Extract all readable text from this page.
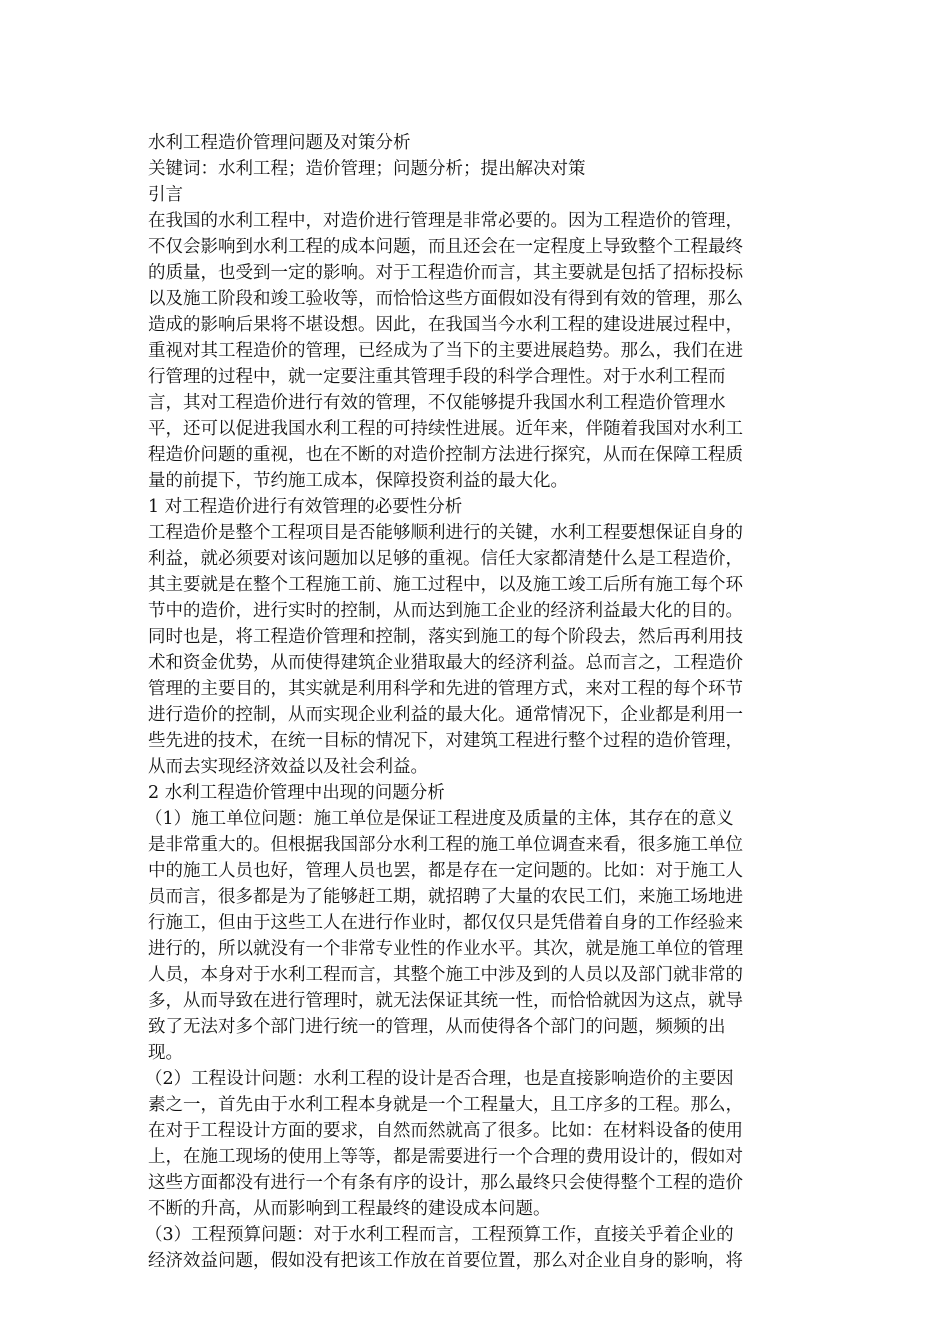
水利工程造价管理问题及对策分析
关键词：水利工程；造价管理；问题分析；提出解决对策
引言
在我国的水利工程中，对造价进行管理是非常必要的。因为工程造价的管理，
不仅会影响到水利工程的成本问题，而且还会在一定程度上导致整个工程最终
的质量，也受到一定的影响。对于工程造价而言，其主要就是包括了招标投标
以及施工阶段和竣工验收等，而恰恰这些方面假如没有得到有效的管理，那么
造成的影响后果将不堪设想。因此，在我国当今水利工程的建设进展过程中，
重视对其工程造价的管理，已经成为了当下的主要进展趋势。那么，我们在进
行管理的过程中，就一定要注重其管理手段的科学合理性。对于水利工程而
言，其对工程造价进行有效的管理，不仅能够提升我国水利工程造价管理水
平，还可以促进我国水利工程的可持续性进展。近年来，伴随着我国对水利工
程造价问题的重视，也在不断的对造价控制方法进行探究，从而在保障工程质
量的前提下，节约施工成本，保障投资利益的最大化。
1 对工程造价进行有效管理的必要性分析
工程造价是整个工程项目是否能够顺利进行的关键，水利工程要想保证自身的
利益，就必须要对该问题加以足够的重视。信任大家都清楚什么是工程造价，
其主要就是在整个工程施工前、施工过程中，以及施工竣工后所有施工每个环
节中的造价，进行实时的控制，从而达到施工企业的经济利益最大化的目的。
同时也是，将工程造价管理和控制，落实到施工的每个阶段去，然后再利用技
术和资金优势，从而使得建筑企业猎取最大的经济利益。总而言之，工程造价
管理的主要目的，其实就是利用科学和先进的管理方式，来对工程的每个环节
进行造价的控制，从而实现企业利益的最大化。通常情况下，企业都是利用一
些先进的技术，在统一目标的情况下，对建筑工程进行整个过程的造价管理，
从而去实现经济效益以及社会利益。
2 水利工程造价管理中出现的问题分析
（1）施工单位问题：施工单位是保证工程进度及质量的主体，其存在的意义
是非常重大的。但根据我国部分水利工程的施工单位调查来看，很多施工单位
中的施工人员也好，管理人员也罢，都是存在一定问题的。比如：对于施工人
员而言，很多都是为了能够赶工期，就招聘了大量的农民工们，来施工场地进
行施工，但由于这些工人在进行作业时，都仅仅只是凭借着自身的工作经验来
进行的，所以就没有一个非常专业性的作业水平。其次，就是施工单位的管理
人员，本身对于水利工程而言，其整个施工中涉及到的人员以及部门就非常的
多，从而导致在进行管理时，就无法保证其统一性，而恰恰就因为这点，就导
致了无法对多个部门进行统一的管理，从而使得各个部门的问题，频频的出
现。
（2）工程设计问题：水利工程的设计是否合理，也是直接影响造价的主要因
素之一，首先由于水利工程本身就是一个工程量大，且工序多的工程。那么，
在对于工程设计方面的要求，自然而然就高了很多。比如：在材料设备的使用
上，在施工现场的使用上等等，都是需要进行一个合理的费用设计的，假如对
这些方面都没有进行一个有条有序的设计，那么最终只会使得整个工程的造价
不断的升高，从而影响到工程最终的建设成本问题。
（3）工程预算问题：对于水利工程而言，工程预算工作，直接关乎着企业的
经济效益问题，假如没有把该工作放在首要位置，那么对企业自身的影响，将
